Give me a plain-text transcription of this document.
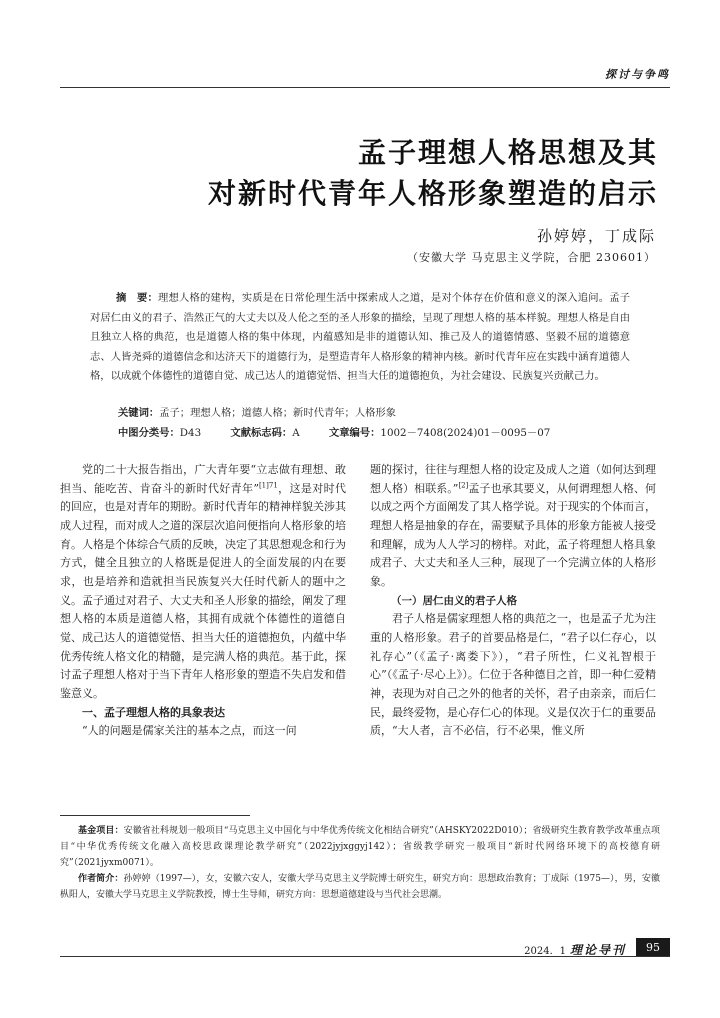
探讨与争鸣
孟子理想人格思想及其
对新时代青年人格形象塑造的启示
孙婷婷，丁成际
（安徽大学 马克思主义学院，合肥 230601）
摘　要：理想人格的建构，实质是在日常伦理生活中探索成人之道，是对个体存在价值和意义的深入追问。孟子对居仁由义的君子、浩然正气的大丈夫以及人伦之至的圣人形象的描绘，呈现了理想人格的基本样貌。理想人格是自由且独立人格的典范，也是道德人格的集中体现，内蕴感知是非的道德认知、推己及人的道德情感、坚毅不屈的道德意志、人皆尧舜的道德信念和达济天下的道德行为，是塑造青年人格形象的精神内核。新时代青年应在实践中涵育道德人格，以成就个体德性的道德自觉、成己达人的道德觉悟、担当大任的道德抱负，为社会建设、民族复兴贡献己力。
关键词：孟子；理想人格；道德人格；新时代青年；人格形象
中图分类号：D43	文献标志码：A	文章编号：1002－7408(2024)01－0095－07

党的二十大报告指出，广大青年要“立志做有理想、敢担当、能吃苦、肯奋斗的新时代好青年”$^{[1]71}$，这是对时代的回应，也是对青年的期盼。新时代青年的精神样貌关涉其成人过程，而对成人之道的深层次追问便指向人格形象的培育。人格是个体综合气质的反映，决定了其思想观念和行为方式，健全且独立的人格既是促进人的全面发展的内在要求，也是培养和造就担当民族复兴大任时代新人的题中之义。孟子通过对君子、大丈夫和圣人形象的描绘，阐发了理想人格的本质是道德人格，其拥有成就个体德性的道德自觉、成己达人的道德觉悟、担当大任的道德抱负，内蕴中华优秀传统人格文化的精髓，是完满人格的典范。基于此，探讨孟子理想人格对于当下青年人格形象的塑造不失启发和借鉴意义。

一、孟子理想人格的具象表达

“人的问题是儒家关注的基本之点，而这一问

题的探讨，往往与理想人格的设定及成人之道（如何达到理想人格）相联系。”[2]孟子也承其要义，从何谓理想人格、何以成之两个方面阐发了其人格学说。对于现实的个体而言，理想人格是抽象的存在，需要赋予具体的形象方能被人接受和理解，成为人人学习的榜样。对此，孟子将理想人格具象成君子、大丈夫和圣人三种，展现了一个完满立体的人格形象。

（一）居仁由义的君子人格

君子人格是儒家理想人格的典范之一，也是孟子尤为注重的人格形象。君子的首要品格是仁，“君子以仁存心，以礼存心”（《孟子·离娄下》），“君子所性，仁义礼智根于心”（《孟子·尽心上》）。仁位于各种德目之首，即一种仁爱精神，表现为对自己之外的他者的关怀，君子由亲亲，而后仁民，最终爱物，是心存仁心的体现。义是仅次于仁的重要品质，“大人者，言不必信，行不必果，惟义所

基金项目：安徽省社科规划一般项目“马克思主义中国化与中华优秀传统文化相结合研究”（AHSKY2022D010）；省级研究生教育教学改革重点项目“中华优秀传统文化融入高校思政课理论教学研究”（2022jyjxggyj142）；省级教学研究一般项目“新时代网络环境下的高校德育研究”（2021jyxm0071）。

作者简介：孙婷婷（1997—），女，安徽六安人，安徽大学马克思主义学院博士研究生，研究方向：思想政治教育；丁成际（1975—），男，安徽枞阳人，安徽大学马克思主义学院教授，博士生导师，研究方向：思想道德建设与当代社会思潮。

2024．1 理论导刊	95
